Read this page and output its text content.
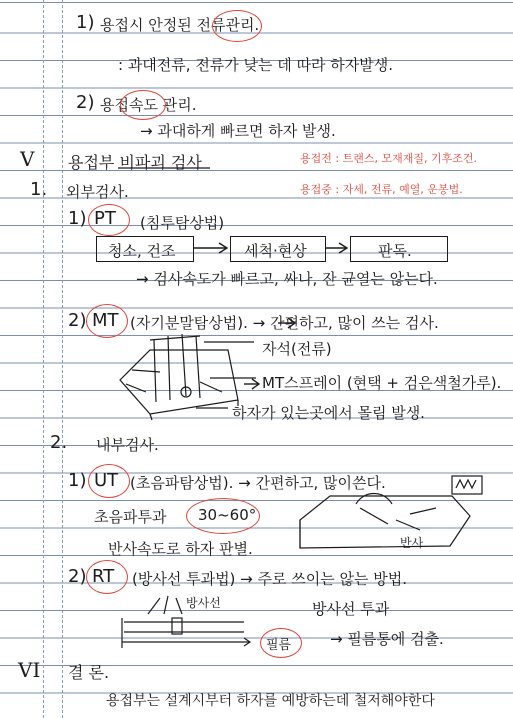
1) 용접시 안정된 전류관리.
: 과대전류, 전류가 낮는 데 따라 하자발생.
2) 용접속도 관리.
→ 과대하게 빠르면 하자 발생.
V 용접부 비파괴 검사	용접전 : 트랜스, 모재재질, 기후조건.
1. 외부검사.	용접중 : 자세, 전류, 예열, 운봉법.
1) PT (침투탐상법)
청소, 건조	세척·현상	판독.
→ 검사속도가 빠르고, 싸나, 잔 균열는 않는다.
2) MT (자기분말탐상법). → 간편하고, 많이 쓰는 검사.
자석(전류)
MT스프레이 (현택 + 검은색철가루).
하자가 있는곳에서 몰림 발생.
2. 내부검사.
1) UT (초음파탐상법). → 간편하고, 많이쓴다.
초음파투과 30~60°
반사속도로 하자 판별.	반사
2) RT (방사선 투과법) → 주로 쓰이는 않는 방법.
방사선	방사선 투과
필름	→ 필름통에 검출.
VI 결 론.
용접부는 설계시부터 하자를 예방하는데 철저해야한다
